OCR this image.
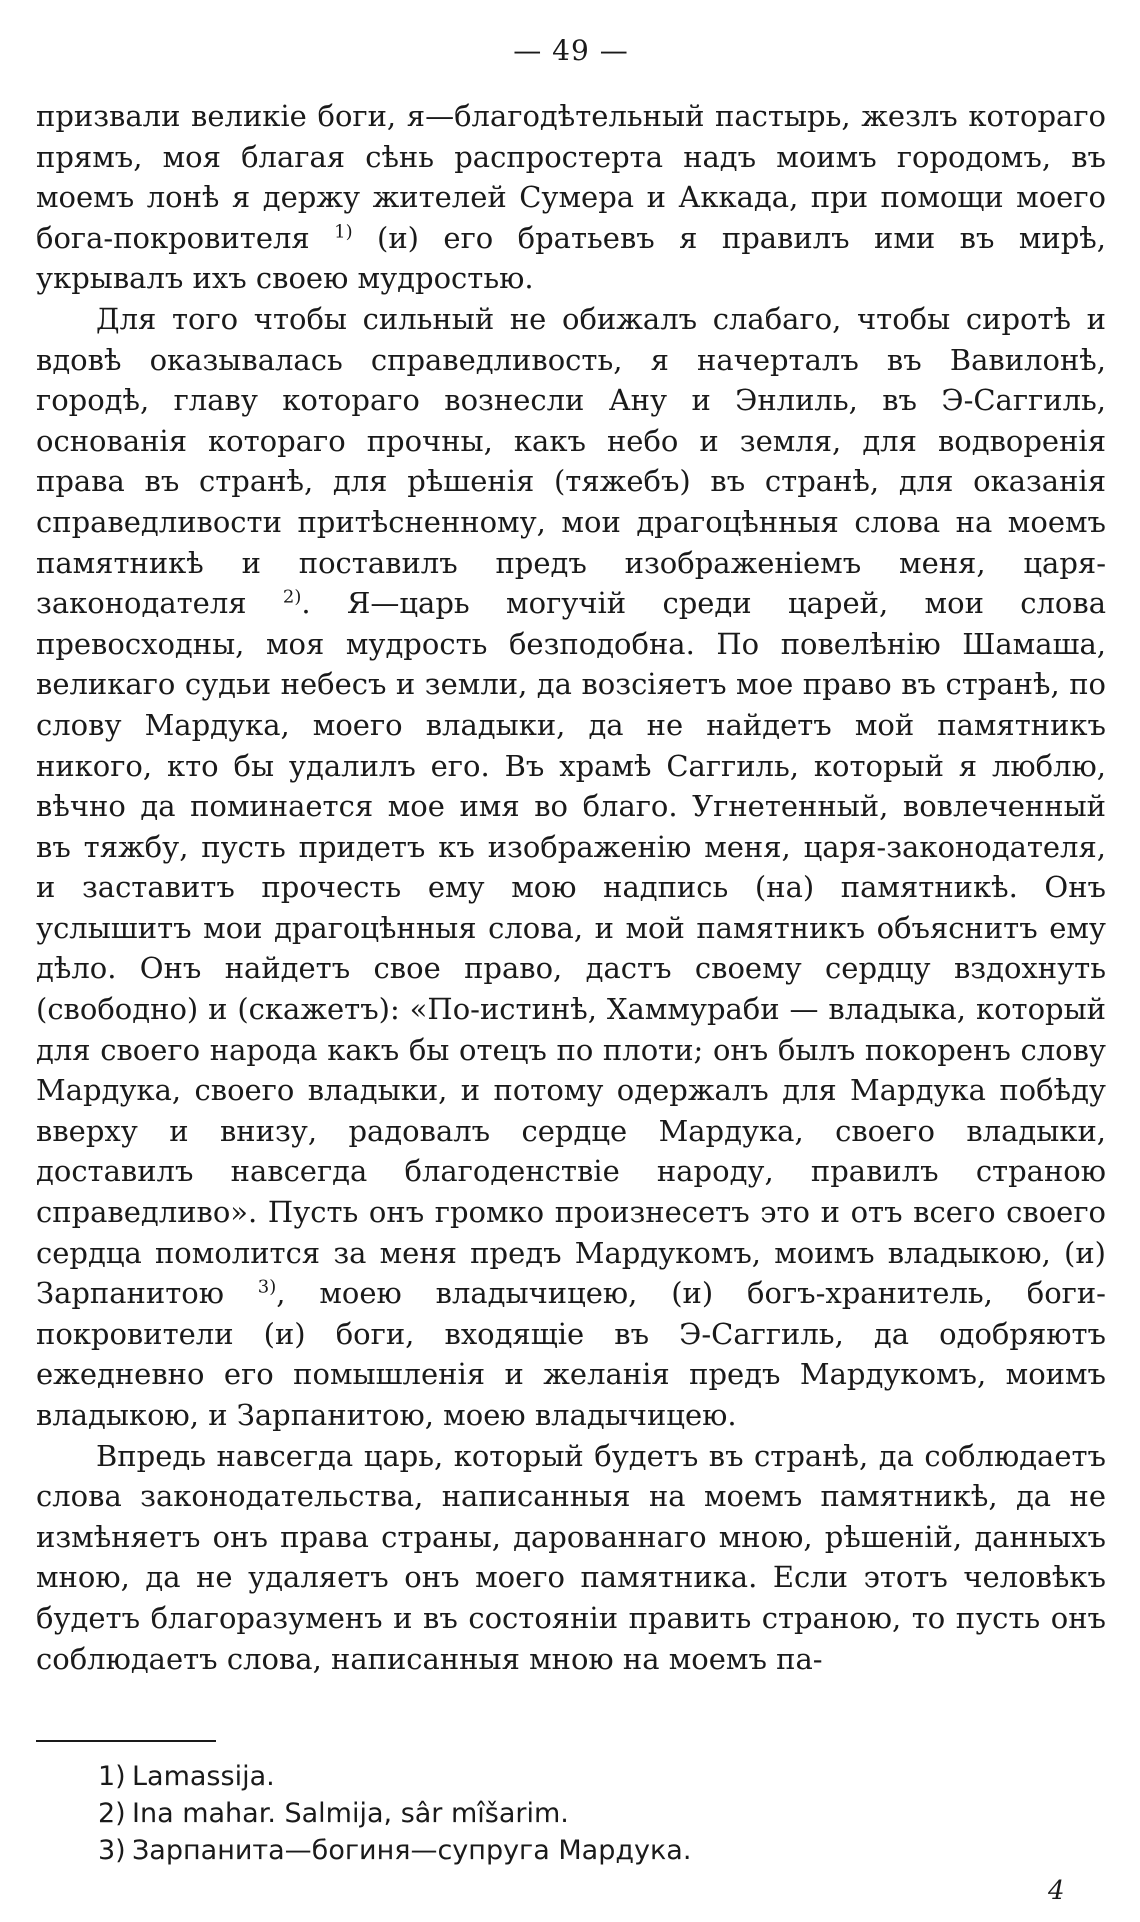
— 49 —

призвали великіе боги, я—благодѣтельный пастырь, жезлъ котораго прямъ, моя благая сѣнь распростерта надъ моимъ городомъ, въ моемъ лонѣ я держу жителей Сумера и Аккада, при помощи моего бога-покровителя $^{1)}$ (и) его братьевъ я правилъ ими въ мирѣ, укрывалъ ихъ своею мудростью.

Для того чтобы сильный не обижалъ слабаго, чтобы сиротѣ и вдовѣ оказывалась справедливость, я начерталъ въ Вавилонѣ, городѣ, главу котораго вознесли Ану и Энлиль, въ Э-Саггиль, основанія котораго прочны, какъ небо и земля, для водворенія права въ странѣ, для рѣшенія (тяжебъ) въ странѣ, для оказанія справедливости притѣсненному, мои драгоцѣнныя слова на моемъ памятникѣ и поставилъ предъ изображеніемъ меня, царя-законодателя $^{2)}$. Я—царь могучій среди царей, мои слова превосходны, моя мудрость безподобна. По повелѣнію Шамаша, великаго судьи небесъ и земли, да возсіяетъ мое право въ странѣ, по слову Мардука, моего владыки, да не найдетъ мой памятникъ никого, кто бы удалилъ его. Въ храмѣ Саггиль, который я люблю, вѣчно да поминается мое имя во благо. Угнетенный, вовлеченный въ тяжбу, пусть придетъ къ изображенію меня, царя-законодателя, и заставитъ прочесть ему мою надпись (на) памятникѣ. Онъ услышитъ мои драгоцѣнныя слова, и мой памятникъ объяснитъ ему дѣло. Онъ найдетъ свое право, дастъ своему сердцу вздохнуть (свободно) и (скажетъ): «По-истинѣ, Хаммураби — владыка, который для своего народа какъ бы отецъ по плоти; онъ былъ покоренъ слову Мардука, своего владыки, и потому одержалъ для Мардука побѣду вверху и внизу, радовалъ сердце Мардука, своего владыки, доставилъ навсегда благоденствіе народу, правилъ страною справедливо». Пусть онъ громко произнесетъ это и отъ всего своего сердца помолится за меня предъ Мардукомъ, моимъ владыкою, (и) Зарпанитою $^{3)}$, моею владычицею, (и) богъ-хранитель, боги-покровители (и) боги, входящіе въ Э-Саггиль, да одобряютъ ежедневно его помышленія и желанія предъ Мардукомъ, моимъ владыкою, и Зарпанитою, моею владычицею.

Впредь навсегда царь, который будетъ въ странѣ, да соблюдаетъ слова законодательства, написанныя на моемъ памятникѣ, да не измѣняетъ онъ права страны, дарованнаго мною, рѣшеній, данныхъ мною, да не удаляетъ онъ моего памятника. Если этотъ человѣкъ будетъ благоразуменъ и въ состояніи править страною, то пусть онъ соблюдаетъ слова, написанныя мною на моемъ па-

1) Lamassija.

2) Ina mahar. Salmija, sâr mîšarim.

3) Зарпанита—богиня—супруга Мардука.

4
